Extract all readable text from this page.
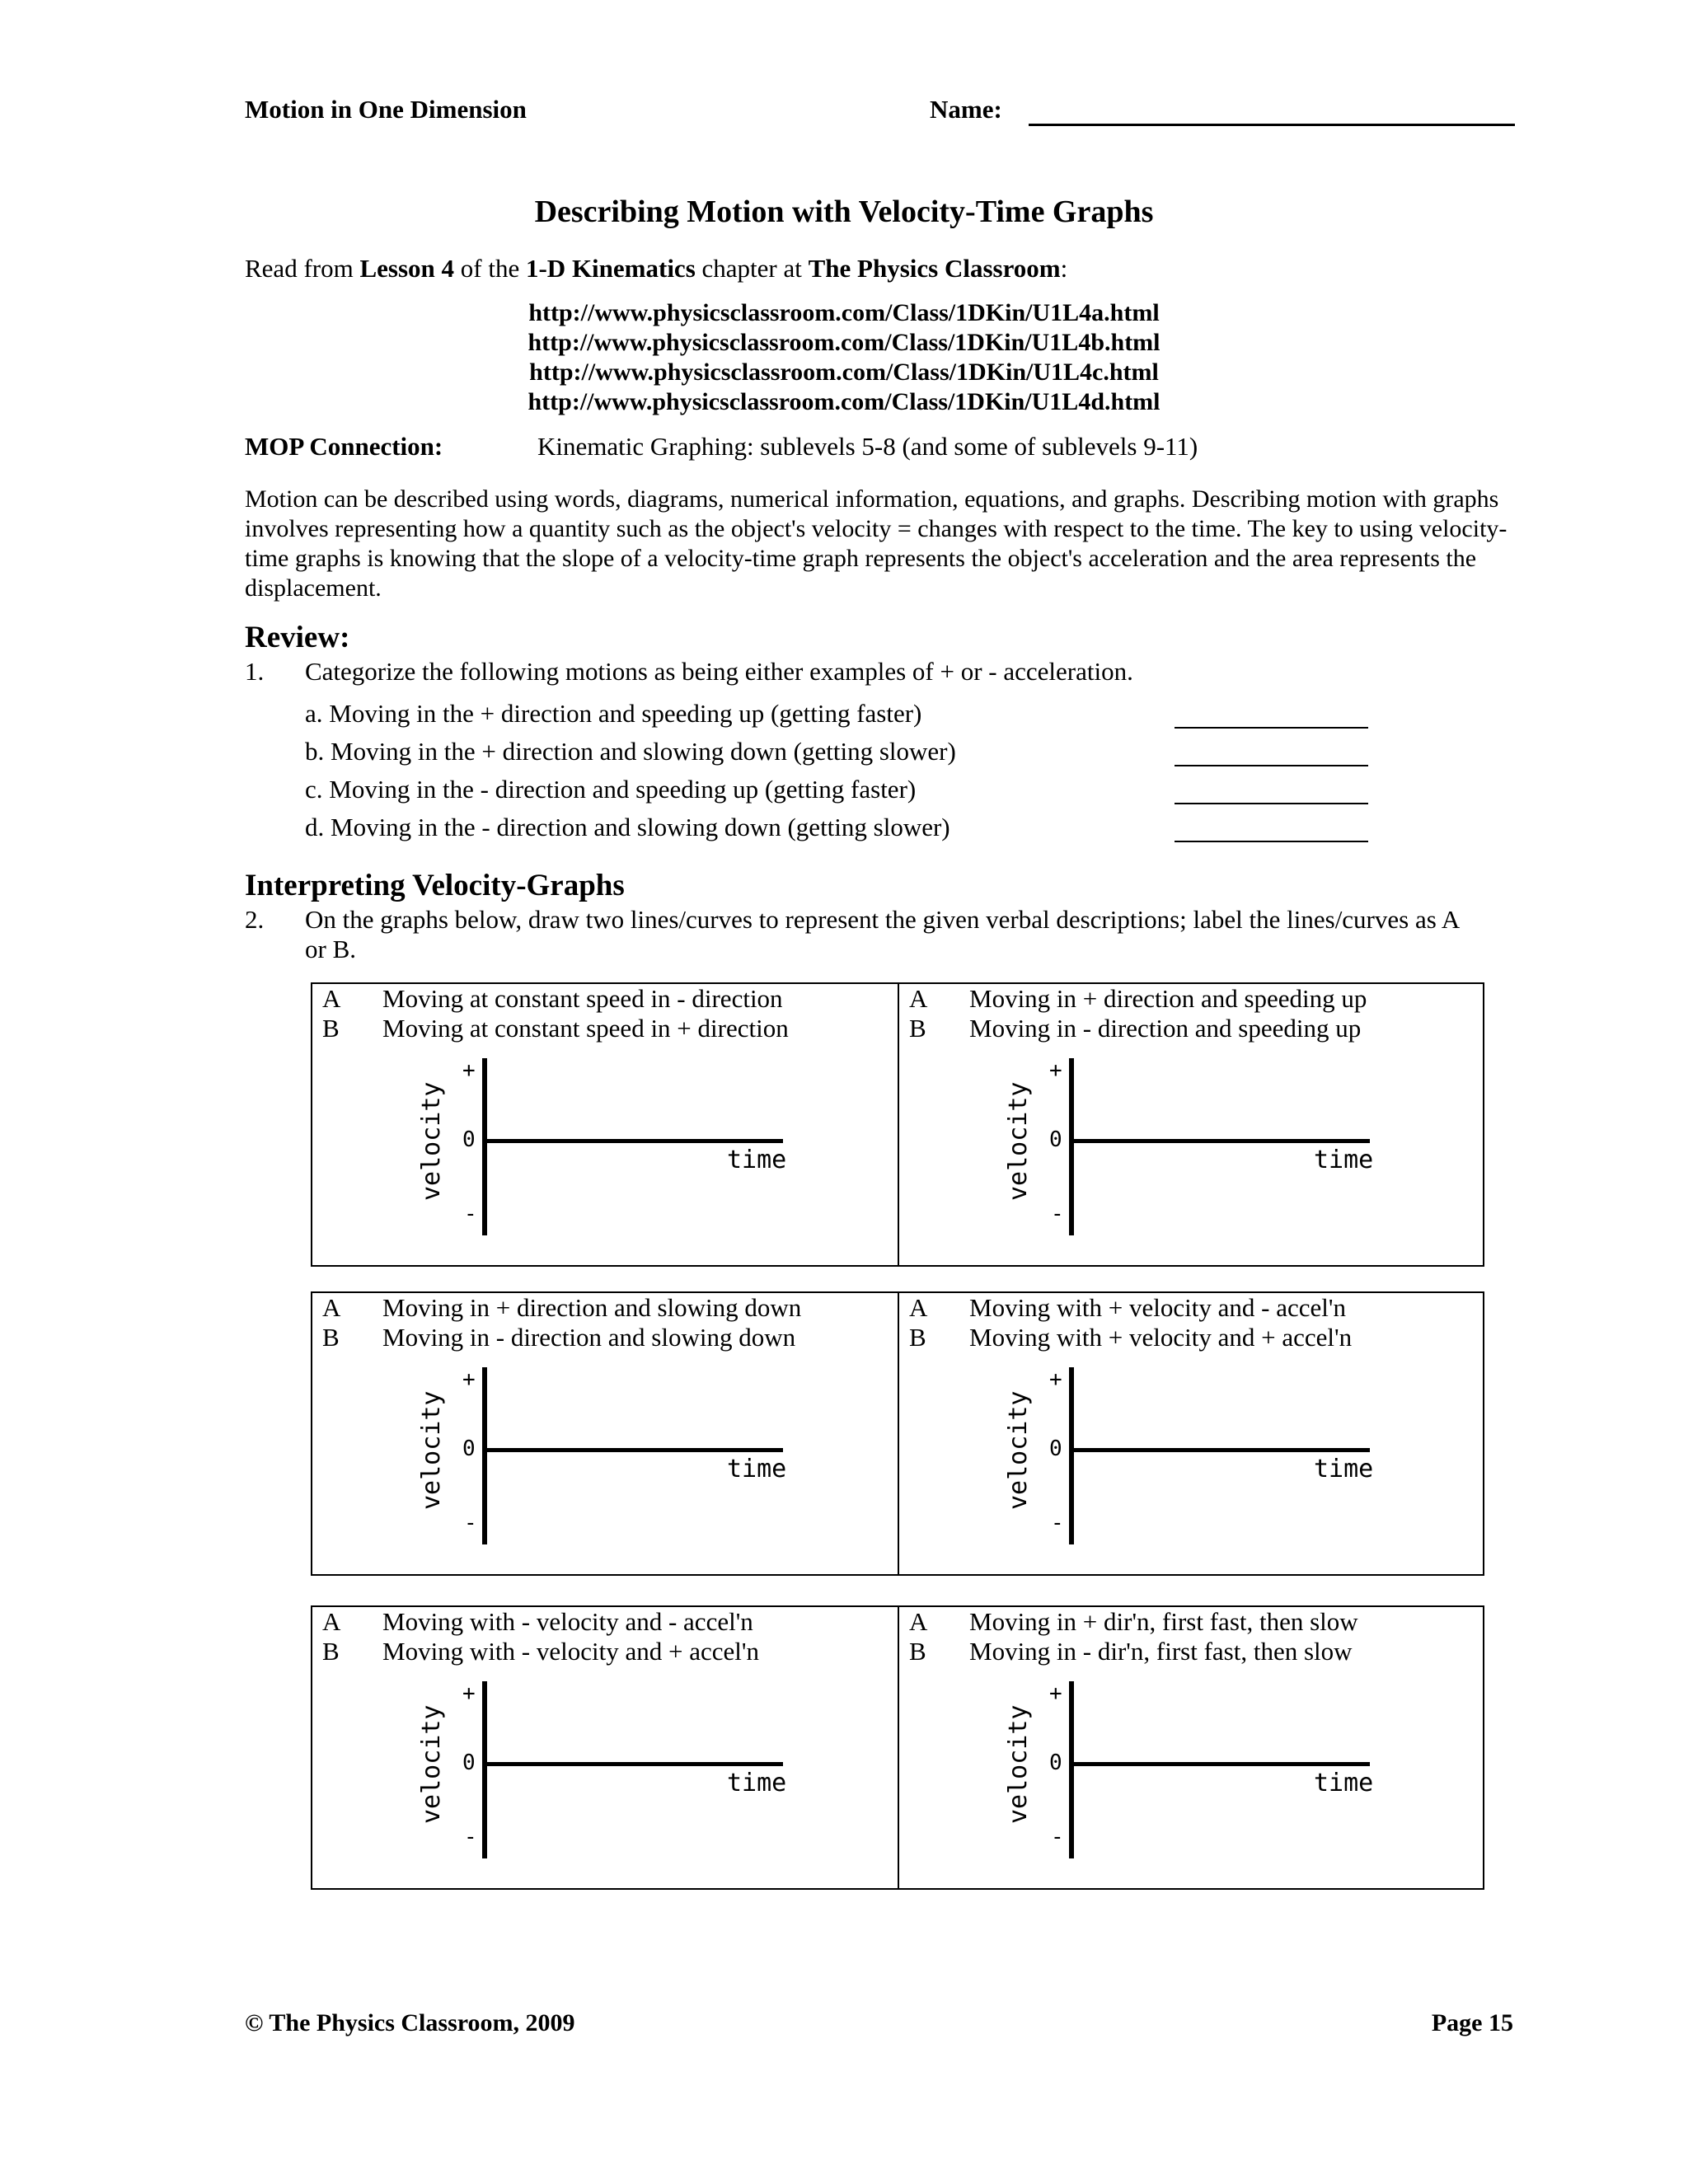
Motion in One Dimension	Name:
Describing Motion with Velocity-Time Graphs
Read from Lesson 4 of the 1-D Kinematics chapter at The Physics Classroom:
http://www.physicsclassroom.com/Class/1DKin/U1L4a.html
http://www.physicsclassroom.com/Class/1DKin/U1L4b.html
http://www.physicsclassroom.com/Class/1DKin/U1L4c.html
http://www.physicsclassroom.com/Class/1DKin/U1L4d.html
MOP Connection:	Kinematic Graphing: sublevels 5-8 (and some of sublevels 9-11)
Motion can be described using words, diagrams, numerical information, equations, and graphs. Describing motion with graphs involves representing how a quantity such as the object's velocity = changes with respect to the time. The key to using velocity-time graphs is knowing that the slope of a velocity-time graph represents the object's acceleration and the area represents the displacement.
Review:
1. Categorize the following motions as being either examples of + or - acceleration.
a. Moving in the + direction and speeding up (getting faster)
b. Moving in the + direction and slowing down (getting slower)
c. Moving in the - direction and speeding up (getting faster)
d. Moving in the - direction and slowing down (getting slower)
Interpreting Velocity-Graphs
2. On the graphs below, draw two lines/curves to represent the given verbal descriptions; label the lines/curves as A or B.
A Moving at constant speed in - direction
B Moving at constant speed in + direction
+
0
-
velocity	time
A Moving in + direction and speeding up
B Moving in - direction and speeding up
+
0
-
velocity	time
A Moving in + direction and slowing down
B Moving in - direction and slowing down
+
0
-
velocity	time
A Moving with + velocity and - accel'n
B Moving with + velocity and + accel'n
+
0
-
velocity	time
A Moving with - velocity and - accel'n
B Moving with - velocity and + accel'n
+
0
-
velocity	time
A Moving in + dir'n, first fast, then slow
B Moving in - dir'n, first fast, then slow
+
0
-
velocity	time
© The Physics Classroom, 2009	Page 15
